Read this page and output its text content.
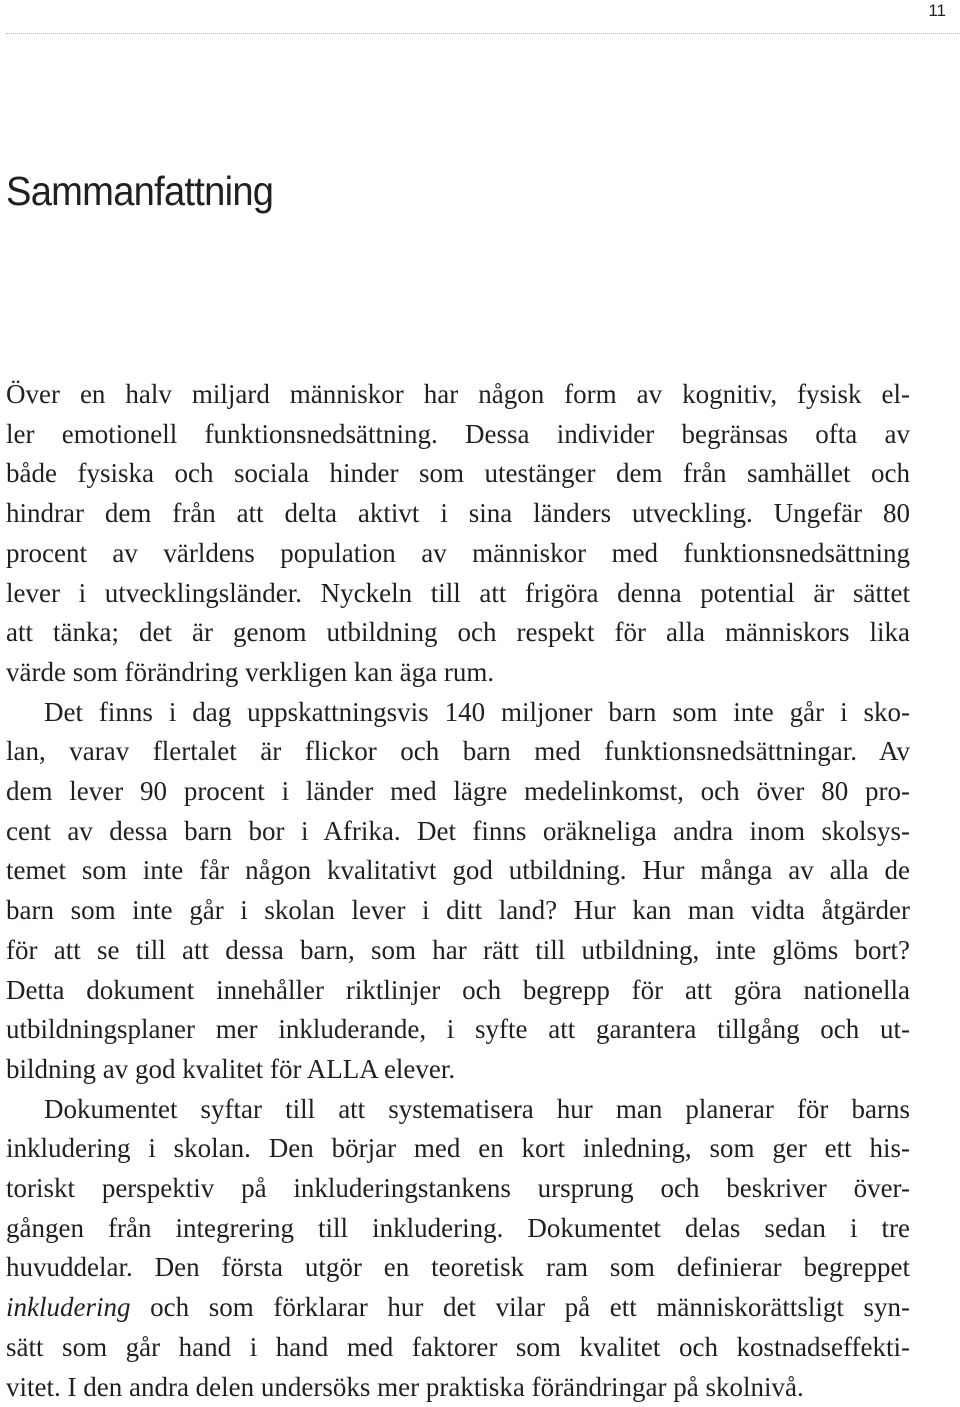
11
Sammanfattning

Över en halv miljard människor har någon form av kognitiv, fysisk el-
ler emotionell funktionsnedsättning. Dessa individer begränsas ofta av
både fysiska och sociala hinder som utestänger dem från samhället och
hindrar dem från att delta aktivt i sina länders utveckling. Ungefär 80
procent av världens population av människor med funktionsnedsättning
lever i utvecklingsländer. Nyckeln till att frigöra denna potential är sättet
att tänka; det är genom utbildning och respekt för alla människors lika
värde som förändring verkligen kan äga rum.

Det finns i dag uppskattningsvis 140 miljoner barn som inte går i sko-
lan, varav flertalet är flickor och barn med funktionsnedsättningar. Av
dem lever 90 procent i länder med lägre medelinkomst, och över 80 pro-
cent av dessa barn bor i Afrika. Det finns oräkneliga andra inom skolsys-
temet som inte får någon kvalitativt god utbildning. Hur många av alla de
barn som inte går i skolan lever i ditt land? Hur kan man vidta åtgärder
för att se till att dessa barn, som har rätt till utbildning, inte glöms bort?
Detta dokument innehåller riktlinjer och begrepp för att göra nationella
utbildningsplaner mer inkluderande, i syfte att garantera tillgång och ut-
bildning av god kvalitet för ALLA elever.

Dokumentet syftar till att systematisera hur man planerar för barns
inkludering i skolan. Den börjar med en kort inledning, som ger ett his-
toriskt perspektiv på inkluderingstankens ursprung och beskriver över-
gången från integrering till inkludering. Dokumentet delas sedan i tre
huvuddelar. Den första utgör en teoretisk ram som definierar begreppet
inkludering och som förklarar hur det vilar på ett människorättsligt syn-
sätt som går hand i hand med faktorer som kvalitet och kostnadseffekti-
vitet. I den andra delen undersöks mer praktiska förändringar på skolnivå.
